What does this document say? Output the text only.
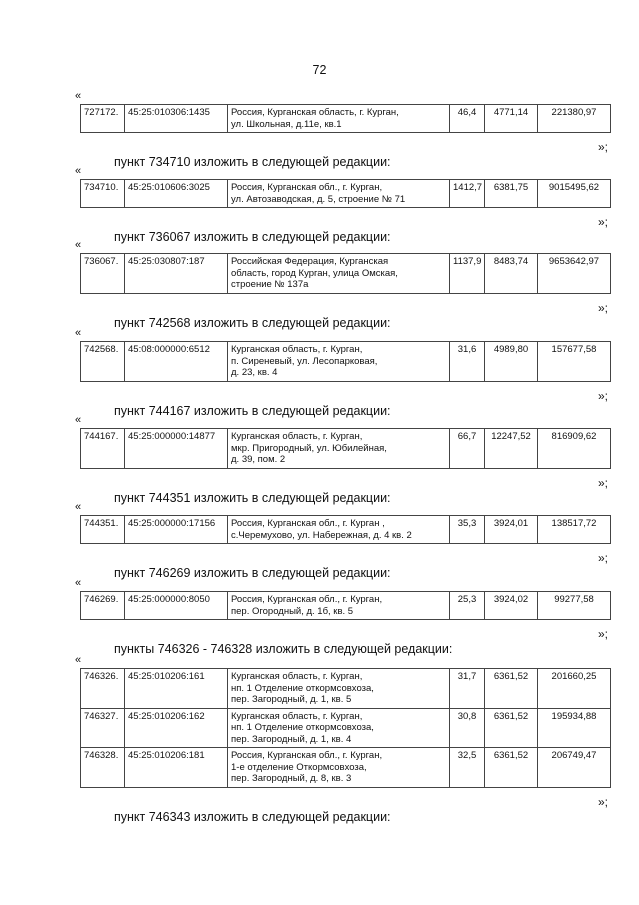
72
«
727172.	45:25:010306:1435	Россия, Курганская область, г. Курган,
ул. Школьная, д.11е, кв.1	46,4	4771,14	221380,97
»;
пункт 734710 изложить в следующей редакции:
«
734710.	45:25:010606:3025	Россия, Курганская обл., г. Курган,
ул. Автозаводская, д. 5, строение № 71	1412,7	6381,75	9015495,62
»;
пункт 736067 изложить в следующей редакции:
«
736067.	45:25:030807:187	Российская Федерация, Курганская
область, город Курган, улица Омская,
строение № 137а	1137,9	8483,74	9653642,97
»;
пункт 742568 изложить в следующей редакции:
«
742568.	45:08:000000:6512	Курганская область, г. Курган,
п. Сиреневый, ул. Лесопарковая,
д. 23, кв. 4	31,6	4989,80	157677,58
»;
пункт 744167 изложить в следующей редакции:
«
744167.	45:25:000000:14877	Курганская область, г. Курган,
мкр. Пригородный, ул. Юбилейная,
д. 39, пом. 2	66,7	12247,52	816909,62
»;
пункт 744351 изложить в следующей редакции:
«
744351.	45:25:000000:17156	Россия, Курганская обл., г. Курган ,
с.Черемухово, ул. Набережная, д. 4 кв. 2	35,3	3924,01	138517,72
»;
пункт 746269 изложить в следующей редакции:
«
746269.	45:25:000000:8050	Россия, Курганская обл., г. Курган,
пер. Огородный, д. 1б, кв. 5	25,3	3924,02	99277,58
»;
пункты 746326 - 746328 изложить в следующей редакции:
«
746326.	45:25:010206:161	Курганская область, г. Курган,
нп. 1 Отделение откормсовхоза,
пер. Загородный, д. 1, кв. 5	31,7	6361,52	201660,25
746327.	45:25:010206:162	Курганская область, г. Курган,
нп. 1 Отделение откормсовхоза,
пер. Загородный, д. 1, кв. 4	30,8	6361,52	195934,88
746328.	45:25:010206:181	Россия, Курганская обл., г. Курган,
1-е отделение Откормсовхоза,
пер. Загородный, д. 8, кв. 3	32,5	6361,52	206749,47
»;
пункт 746343 изложить в следующей редакции:
